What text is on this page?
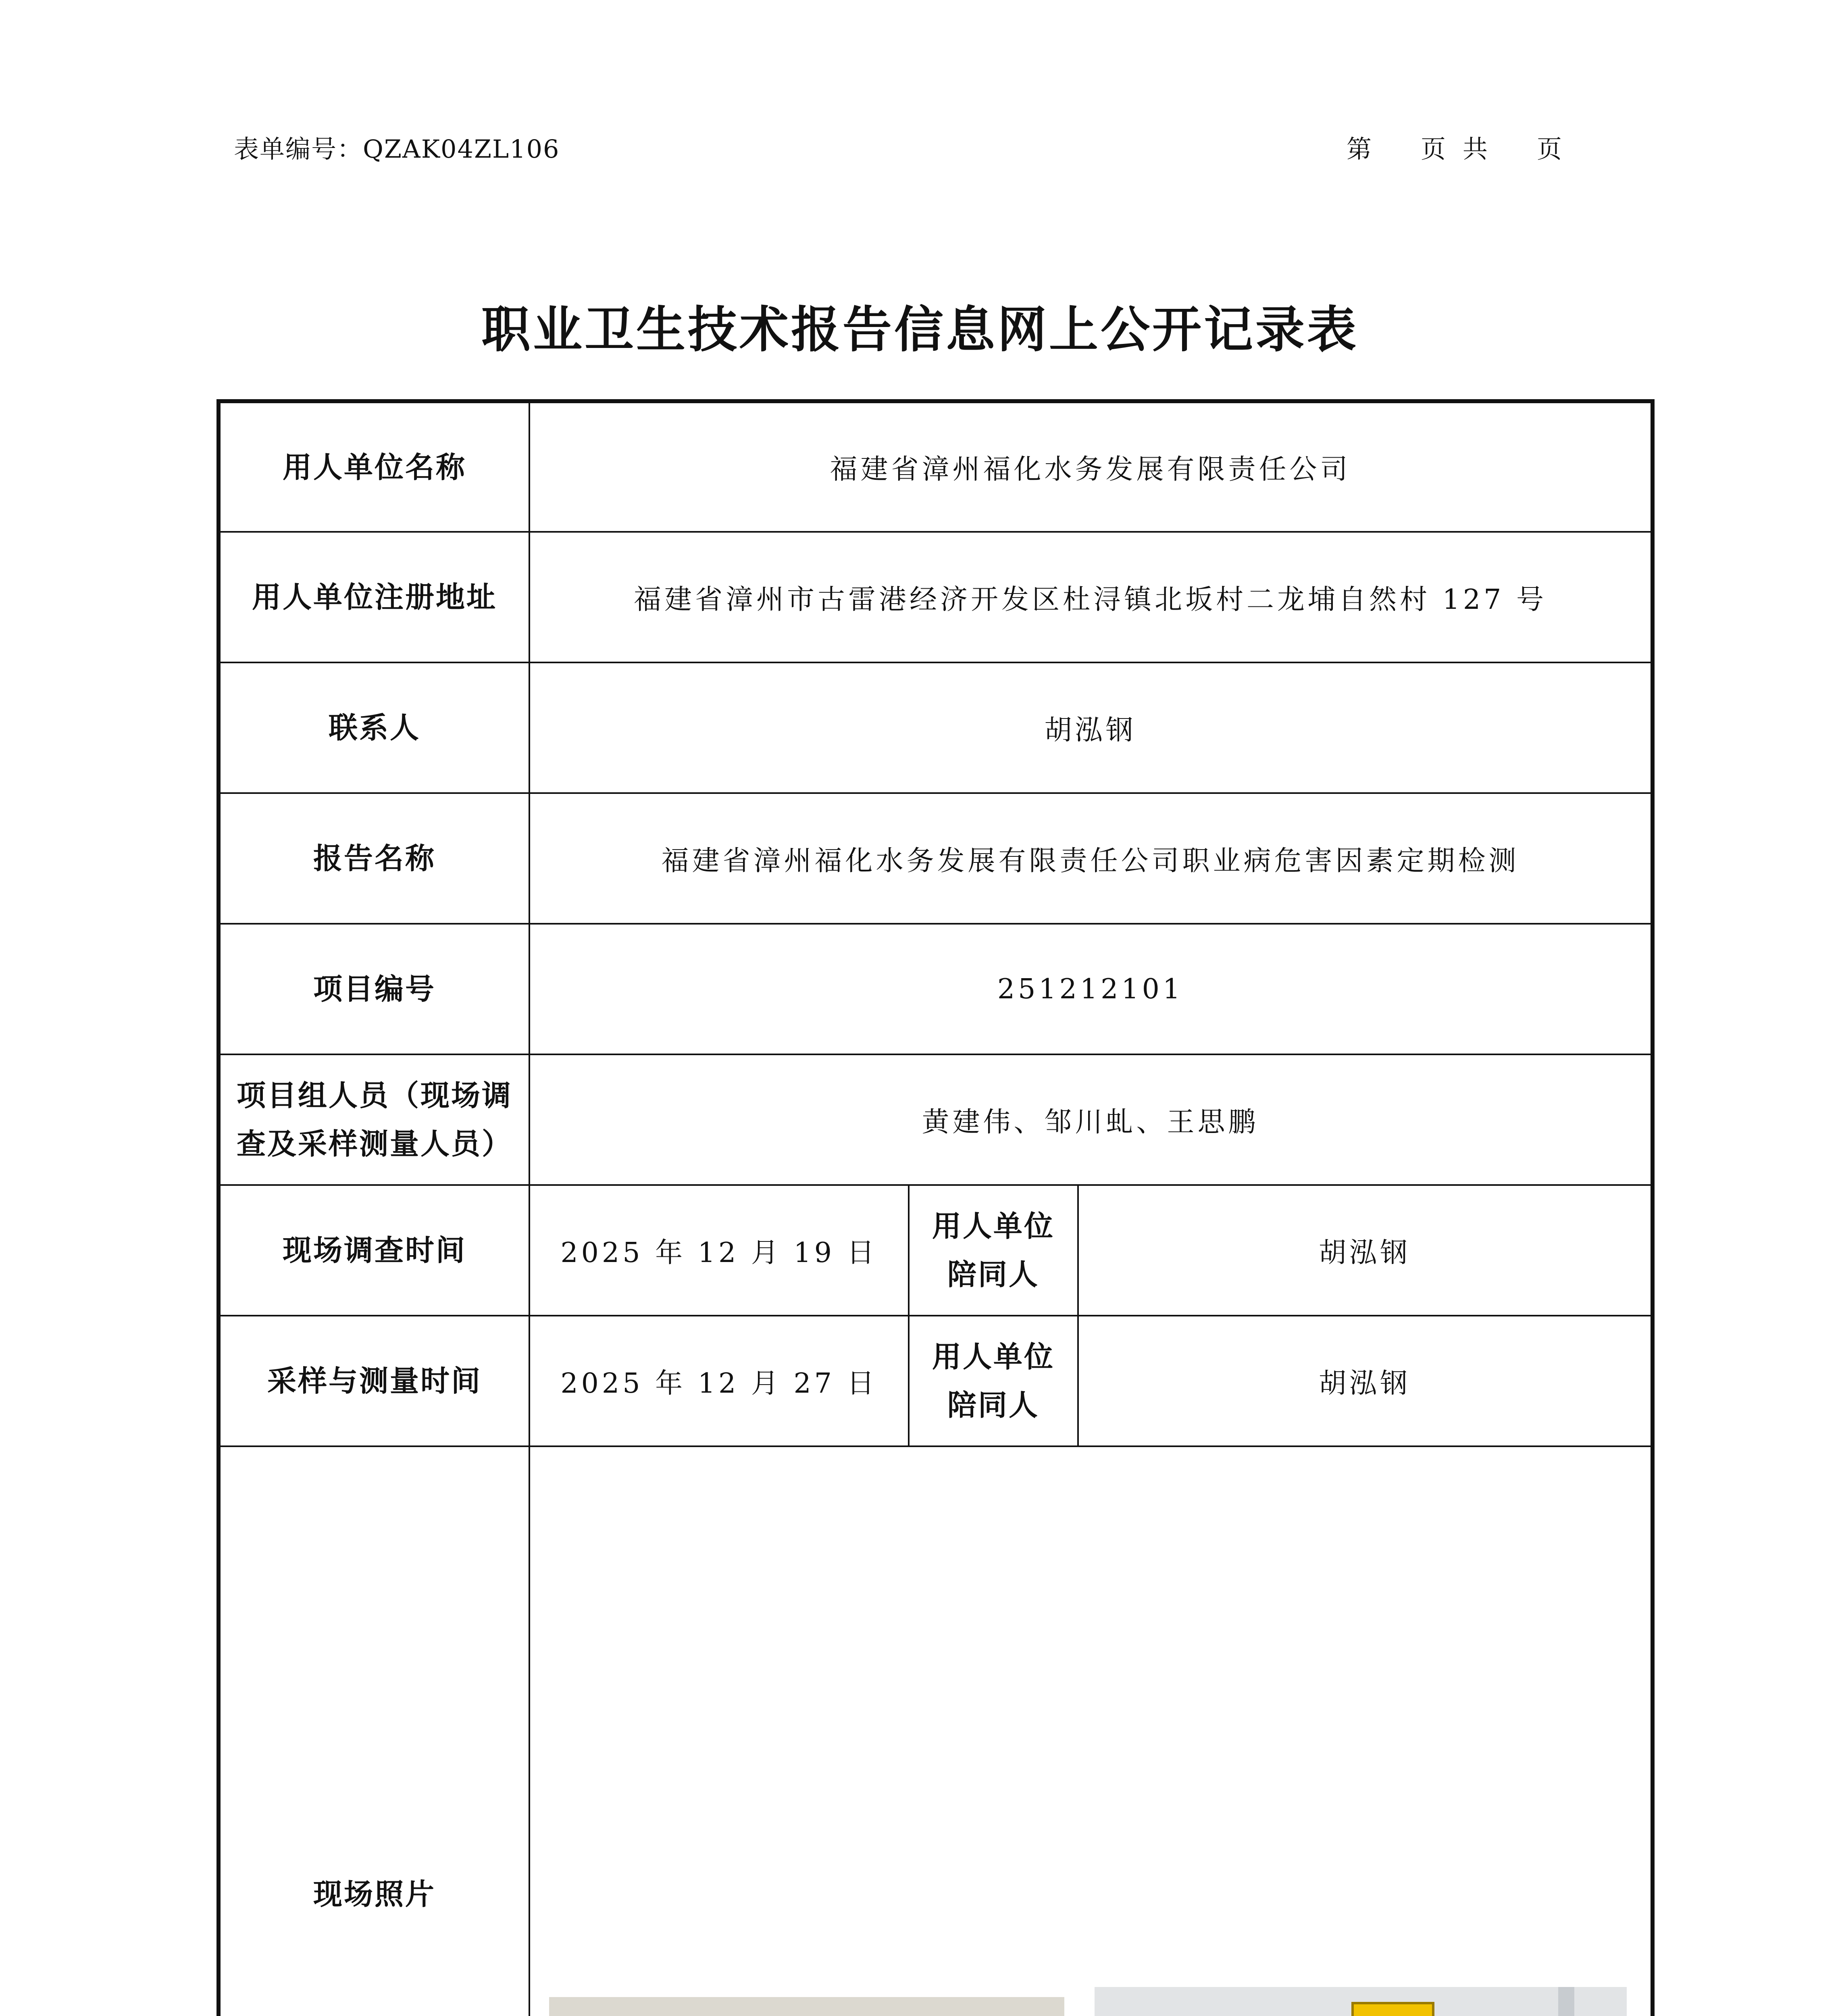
表单编号：QZAK04ZL106	第 页 共 页
职业卫生技术报告信息网上公开记录表
用人单位名称	福建省漳州福化水务发展有限责任公司		
用人单位注册地址	福建省漳州市古雷港经济开发区杜浔镇北坂村二龙埔自然村 127 号		
联系人	胡泓钢		
报告名称	福建省漳州福化水务发展有限责任公司职业病危害因素定期检测		
项目编号	251212101		
项目组人员（现场调查及采样测量人员）	黄建伟、邹川虬、王思鹏		
现场调查时间	2025 年 12 月 19 日	用人单位陪同人	胡泓钢
采样与测量时间	2025 年 12 月 27 日	用人单位陪同人	胡泓钢
现场照片	
